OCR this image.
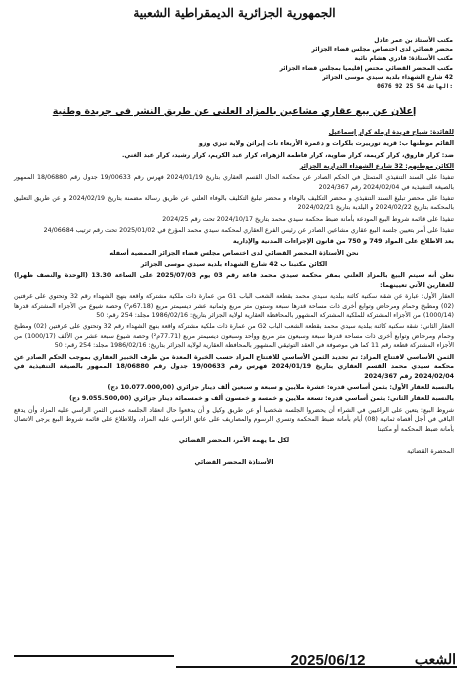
الجمهورية الجزائرية الديمقراطية الشعبية
مكتب الأستاذ بن عمر عادل
محضر قضائي لدى اختصاص مجلس قضاء الجزائر
مكتب الأستاذة: قادري هشام نائبة
مكتب المحضر القضائي مختص إقليميا بمجلس قضاء الجزائر
42 شارع الشهداء بلدية سيدي موسى الجزائر
0676 92 25 54 الهاتف:
إعلان عن بيع عقاري مشاعين بالمزاد العلني عن طريق النشر في جريدة وطنية

للفائدة: شباح فريدة ارملة كرار إسماعيل

القائم موطنها ب: قرية تورييرت بلكرات و دغمرة الأربعاء نات إيراثن ولاية تيزي وزو

ضد: كرار فاروق، كرار كريمة، كرار ضاوية، كرار فاطمة الزهراء، كرار عبد الكريم، كرار رشيد، كرار عبد الغني.

الكائن موطنهم: 32 شارع الشهداء الدرارية الجزائر

تنفيذا على السند التنفيذي المتمثل في الحكم الصادر عن محكمة الحال القسم العقاري بتاريخ 2024/01/19 فهرس رقم 19/00633 جدول رقم 18/06880 الممهور بالصيغة التنفيذية في 2024/02/04 رقم 2024/367

تنفيذا على محضر تبليغ السند التنفيذي و محضر التكليف بالوفاء و محضر تبليغ التكليف بالوفاء العلني عن طريق رسالة مضمنة بتاريخ 2024/02/19 و عن طريق التعليق بالمحكمة بتاريخ 2024/02/22 و البلدية بتاريخ 2024/02/21

تنفيذا على قائمة شروط البيع المودعة بأمانة ضبط محكمة سيدي محمد بتاريخ 2024/10/17 تحت رقم 2024/25

تنفيذا على أمر بتعيين جلسة البيع عقاري مشاعين الصادر عن رئيس الفرع العقاري لمحكمة سيدي محمد المؤرخ في 2025/01/02 تحت رقم ترتيب 24/06684

بعد الاطلاع على المواد 749 و 750 من قانون الإجراءات المدنية والإدارية

نحن الأستاذة المحضر القضائي لدى اختصاص مجلس قضاء الجزائر الممضية أسفله

الكائن مكتبنا ب 42 شارع الشهداء بلدية سيدي موسى الجزائر

نعلن أنه سيتم البيع بالمزاد العلني بمقر محكمة سيدي محمد قاعة رقم 03 يوم 2025/07/03 على الساعة 13.30 (الوحدة والنصف ظهرا) للعقارين الآتي تعيينهما:

العقار الأول: عبارة عن شقة سكنية كائنة ببلدية سيدي محمد بقطعة الشعب الباب G1 من عمارة ذات ملكية مشتركة واقعة بنهج الشهداء رقم 32 وتحتوي على غرفتين (02) ومطبخ وحمام ومرحاض وتوابع أخرى ذات مساحة قدرها سبعة وستون متر مربع وثمانية عشر ديسيمتر مربع (67.18م²) وحصة شيوع من الأجزاء المشتركة قدرها (1000/14) من الأجزاء المشتركة للملكية المشتركة المشهور بالمحافظة العقارية لولاية الجزائر بتاريخ: 1986/02/16 مجلد: 254 رقم: 50

العقار الثاني: شقة سكنية كائنة ببلدية سيدي محمد بقطعة الشعب الباب G2 من عمارة ذات ملكية مشتركة واقعة بنهج الشهداء رقم 32 وتحتوي على غرفتين (02) ومطبخ وحمام ومرحاض وتوابع أخرى ذات مساحة قدرها سبعة وسبعون متر مربع وواحد وسبعون ديسيمتر مربع (77.71م²) وحصة شيوع سبعة عشر من الألف (1000/17) من الأجزاء المشتركة قطعة رقم 11 كما هي موصوفة في العقد التوثيقي المشهور بالمحافظة العقارية لولاية الجزائر بتاريخ: 1986/02/16 مجلد: 254 رقم: 50

الثمن الأساسي لافتتاح المزاد: تم تحديد الثمن الأساسي للافتتاح المزاد حسب الخبرة المعدة من طرف الخبير العقاري بموجب الحكم الصادر عن محكمة سيدي محمد القسم العقاري بتاريخ 2024/01/19 فهرس رقم 19/00633 جدول رقم 18/06880 الممهور بالصيغة التنفيذية في 2024/02/04 رقم 2024/367

بالنسبة للعقار الأول: بثمن أساسي قدره: عشرة ملايين و سبعة و سبعين ألف دينار جزائري (10.077.000,00 دج)

بالنسبة للعقار الثاني: بثمن أساسي قدره: تسعة ملايين و خمسة و خمسون ألف و خمسمائة دينار جزائري (9.055.500,00 دج)

شروط البيع: يتعين على الراغبين في الشراء أن يحضروا الجلسة شخصيا أو عن طريق وكيل و أن يدفعوا حال انعقاد الجلسة خمس الثمن الراسي عليه المزاد وأن يدفع الباقي في أجل أقصاه ثمانية (08) أيام بأمانة ضبط المحكمة وتسري الرسوم والمصاريف على عاتق الراسي عليه المزاد، وللاطلاع على قائمة شروط البيع يرجى الاتصال بأمانة ضبط المحكمة أو مكتبنا

لكل ما يهمه الأمر، المحضر القضائي

المحضرة القضائية

الأستاذة المحضر القضائي

2025/06/12	الشعب
